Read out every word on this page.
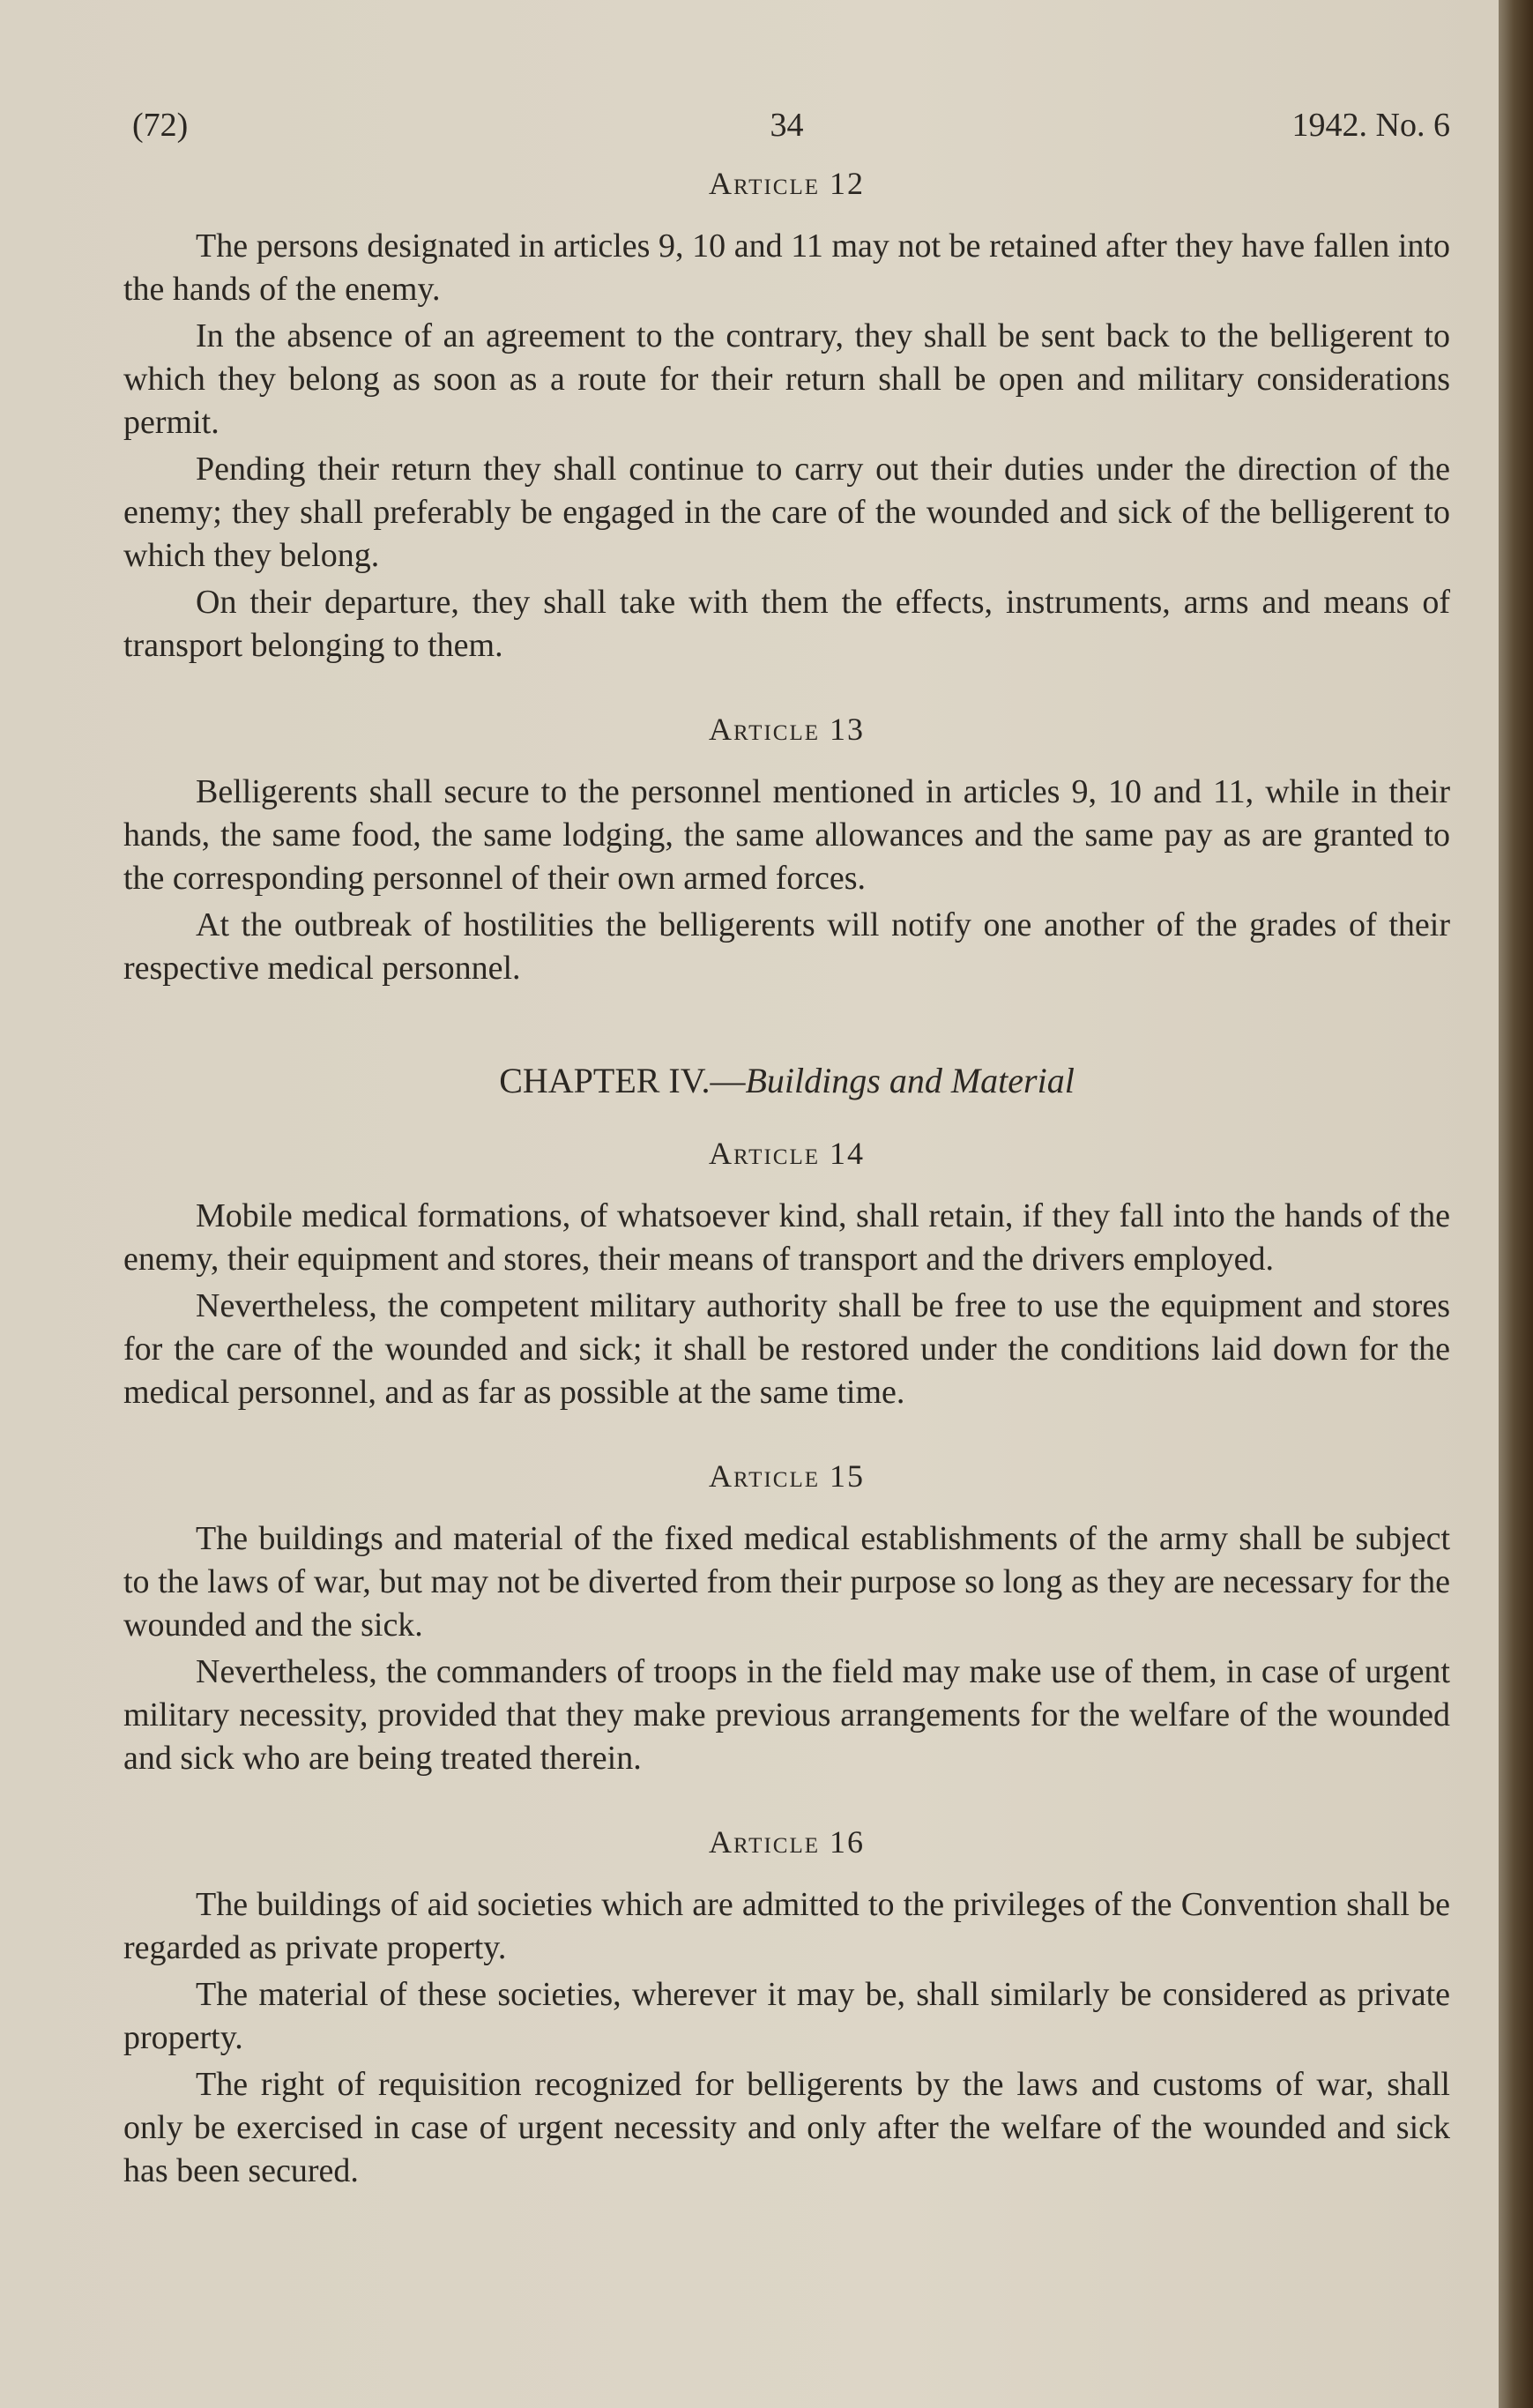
(72)	34	1942. No. 6
Article 12

The persons designated in articles 9, 10 and 11 may not be retained after they have fallen into the hands of the enemy.

In the absence of an agreement to the contrary, they shall be sent back to the belligerent to which they belong as soon as a route for their return shall be open and military considerations permit.

Pending their return they shall continue to carry out their duties under the direction of the enemy; they shall preferably be engaged in the care of the wounded and sick of the belligerent to which they belong.

On their departure, they shall take with them the effects, instruments, arms and means of transport belonging to them.

Article 13

Belligerents shall secure to the personnel mentioned in articles 9, 10 and 11, while in their hands, the same food, the same lodging, the same allowances and the same pay as are granted to the corresponding personnel of their own armed forces.

At the outbreak of hostilities the belligerents will notify one another of the grades of their respective medical personnel.

CHAPTER IV.—Buildings and Material
Article 14

Mobile medical formations, of whatsoever kind, shall retain, if they fall into the hands of the enemy, their equipment and stores, their means of transport and the drivers employed.

Nevertheless, the competent military authority shall be free to use the equipment and stores for the care of the wounded and sick; it shall be restored under the conditions laid down for the medical personnel, and as far as possible at the same time.

Article 15

The buildings and material of the fixed medical establishments of the army shall be subject to the laws of war, but may not be diverted from their purpose so long as they are necessary for the wounded and the sick.

Nevertheless, the commanders of troops in the field may make use of them, in case of urgent military necessity, provided that they make previous arrangements for the welfare of the wounded and sick who are being treated therein.

Article 16

The buildings of aid societies which are admitted to the privileges of the Convention shall be regarded as private property.

The material of these societies, wherever it may be, shall similarly be considered as private property.

The right of requisition recognized for belligerents by the laws and customs of war, shall only be exercised in case of urgent necessity and only after the welfare of the wounded and sick has been secured.
